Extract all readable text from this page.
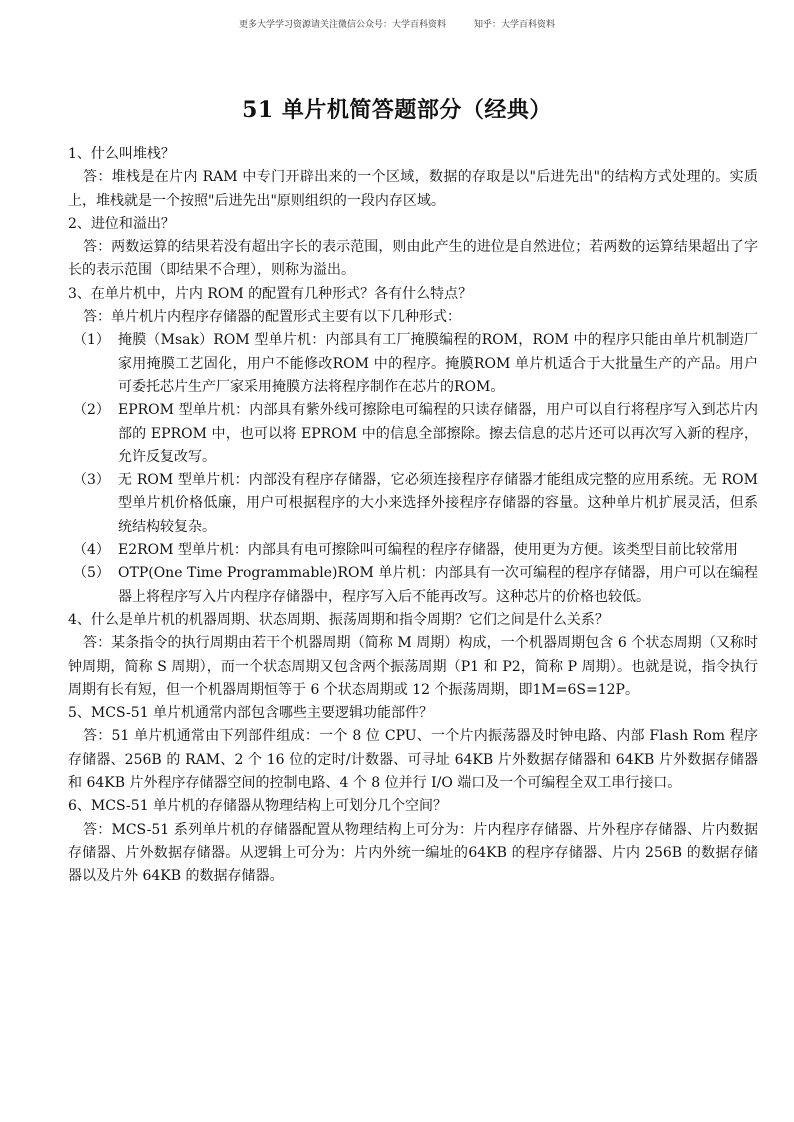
更多大学学习资源请关注微信公众号：大学百科资料	知乎：大学百科资料
51 单片机简答题部分（经典）

1、什么叫堆栈？

答：堆栈是在片内 RAM 中专门开辟出来的一个区域，数据的存取是以"后进先出"的结构方式处理的。实质上，堆栈就是一个按照"后进先出"原则组织的一段内存区域。

2、进位和溢出？

答：两数运算的结果若没有超出字长的表示范围，则由此产生的进位是自然进位；若两数的运算结果超出了字长的表示范围（即结果不合理），则称为溢出。

3、在单片机中，片内 ROM 的配置有几种形式？各有什么特点？

答：单片机片内程序存储器的配置形式主要有以下几种形式：

（1） 掩膜（Msak）ROM 型单片机：内部具有工厂掩膜编程的ROM，ROM 中的程序只能由单片机制造厂家用掩膜工艺固化，用户不能修改ROM 中的程序。掩膜ROM 单片机适合于大批量生产的产品。用户可委托芯片生产厂家采用掩膜方法将程序制作在芯片的ROM。
（2） EPROM 型单片机：内部具有紫外线可擦除电可编程的只读存储器，用户可以自行将程序写入到芯片内部的 EPROM 中，也可以将 EPROM 中的信息全部擦除。擦去信息的芯片还可以再次写入新的程序，允许反复改写。
（3） 无 ROM 型单片机：内部没有程序存储器，它必须连接程序存储器才能组成完整的应用系统。无 ROM 型单片机价格低廉，用户可根据程序的大小来选择外接程序存储器的容量。这种单片机扩展灵活，但系统结构较复杂。
（4） E2ROM 型单片机：内部具有电可擦除叫可编程的程序存储器，使用更为方便。该类型目前比较常用
（5） OTP(One Time Programmable)ROM 单片机：内部具有一次可编程的程序存储器，用户可以在编程器上将程序写入片内程序存储器中，程序写入后不能再改写。这种芯片的价格也较低。

4、什么是单片机的机器周期、状态周期、振荡周期和指令周期？它们之间是什么关系？

答：某条指令的执行周期由若干个机器周期（简称 M 周期）构成，一个机器周期包含 6 个状态周期（又称时钟周期，简称 S 周期），而一个状态周期又包含两个振荡周期（P1 和 P2，简称 P 周期）。也就是说，指令执行周期有长有短，但一个机器周期恒等于 6 个状态周期或 12 个振荡周期，即1M=6S=12P。

5、MCS-51 单片机通常内部包含哪些主要逻辑功能部件？

答：51 单片机通常由下列部件组成：一个 8 位 CPU、一个片内振荡器及时钟电路、内部 Flash Rom 程序存储器、256B 的 RAM、2 个 16 位的定时/计数器、可寻址 64KB 片外数据存储器和 64KB 片外数据存储器和 64KB 片外程序存储器空间的控制电路、4 个 8 位并行 I/O 端口及一个可编程全双工串行接口。

6、MCS-51 单片机的存储器从物理结构上可划分几个空间？

答：MCS-51 系列单片机的存储器配置从物理结构上可分为：片内程序存储器、片外程序存储器、片内数据存储器、片外数据存储器。从逻辑上可分为：片内外统一编址的64KB 的程序存储器、片内 256B 的数据存储器以及片外 64KB 的数据存储器。
